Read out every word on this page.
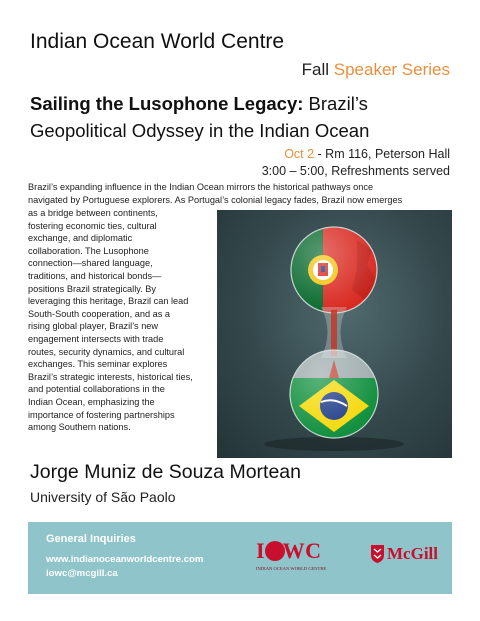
Indian Ocean World Centre
Fall Speaker Series
Sailing the Lusophone Legacy: Brazil’s
Geopolitical Odyssey in the Indian Ocean
Oct 2 - Rm 116, Peterson Hall
3:00 – 5:00, Refreshments served
Brazil’s expanding influence in the Indian Ocean mirrors the historical pathways once
navigated by Portuguese explorers. As Portugal’s colonial legacy fades, Brazil now emerges
as a bridge between continents,
fostering economic ties, cultural
exchange, and diplomatic
collaboration. The Lusophone
connection—shared language,
traditions, and historical bonds—
positions Brazil strategically. By
leveraging this heritage, Brazil can lead
South-South cooperation, and as a
rising global player, Brazil’s new
engagement intersects with trade
routes, security dynamics, and cultural
exchanges. This seminar explores
Brazil’s strategic interests, historical ties,
and potential collaborations in the
Indian Ocean, emphasizing the
importance of fostering partnerships
among Southern nations.
Jorge Muniz de Souza Mortean
University of São Paolo
General Inquiries
www.indianoceanworldcentre.com
iowc@mcgill.ca
IOWC
INDIAN OCEAN WORLD CENTRE
McGill
